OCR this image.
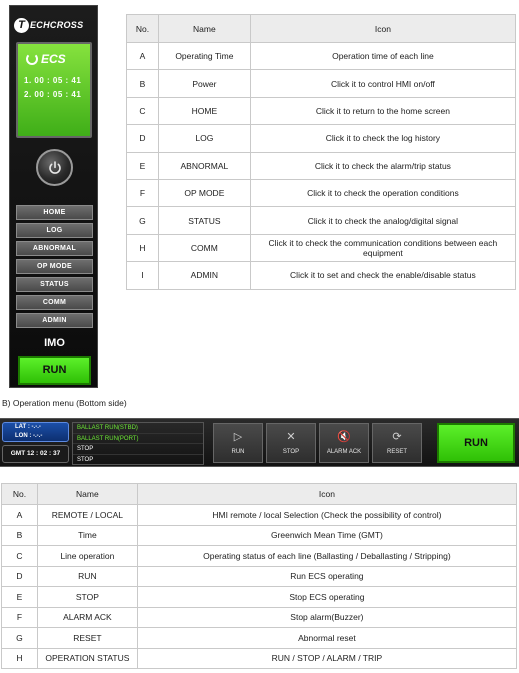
T ECHCROSS
ECS
1. 00 : 05 : 41
2. 00 : 05 : 41
HOME
LOG
ABNORMAL
OP MODE
STATUS
COMM
ADMIN
IMO
RUN
No.	Name	Icon
A	Operating Time	Operation time of each line
B	Power	Click it to control HMI on/off
C	HOME	Click it to return to the home screen
D	LOG	Click it to check the log history
E	ABNORMAL	Click it to check the alarm/trip status
F	OP MODE	Click it to check the operation conditions
G	STATUS	Click it to check the analog/digital signal
H	COMM	Click it to check the communication conditions between each equipment
I	ADMIN	Click it to set and check the enable/disable status
B) Operation menu (Bottom side)
LAT : -.-.-
LON : -.-.-
GMT 12 : 02 : 37
BALLAST RUN(STBD)
BALLAST RUN(PORT)
STOP
STOP
▷
RUN
✕
STOP
🔇
ALARM ACK
⟳
RESET
RUN
No.	Name	Icon
A	REMOTE / LOCAL	HMI remote / local Selection (Check the possibility of control)
B	Time	Greenwich Mean Time (GMT)
C	Line operation	Operating status of each line (Ballasting / Deballasting / Stripping)
D	RUN	Run ECS operating
E	STOP	Stop ECS operating
F	ALARM ACK	Stop alarm(Buzzer)
G	RESET	Abnormal reset
H	OPERATION STATUS	RUN / STOP / ALARM / TRIP
